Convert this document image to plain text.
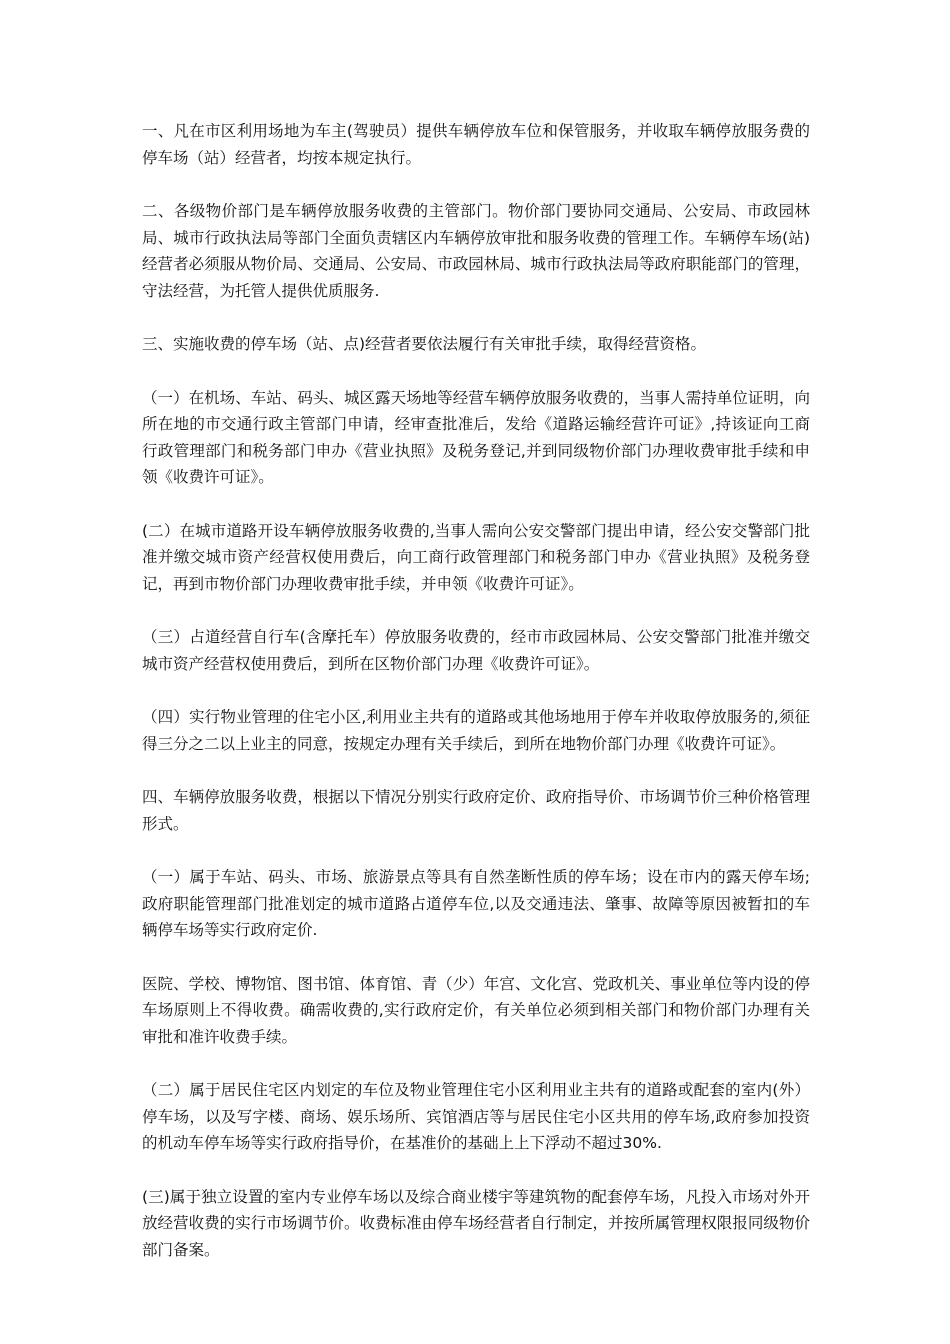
一、凡在市区利用场地为车主(驾驶员）提供车辆停放车位和保管服务，并收取车辆停放服务费的停车场（站）经营者，均按本规定执行。

二、各级物价部门是车辆停放服务收费的主管部门。物价部门要协同交通局、公安局、市政园林局、城市行政执法局等部门全面负责辖区内车辆停放审批和服务收费的管理工作。车辆停车场(站)经营者必须服从物价局、交通局、公安局、市政园林局、城市行政执法局等政府职能部门的管理，守法经营，为托管人提供优质服务.

三、实施收费的停车场（站、点)经营者要依法履行有关审批手续，取得经营资格。

（一）在机场、车站、码头、城区露天场地等经营车辆停放服务收费的，当事人需持单位证明，向所在地的市交通行政主管部门申请，经审查批准后，发给《道路运输经营许可证》,持该证向工商行政管理部门和税务部门申办《营业执照》及税务登记,并到同级物价部门办理收费审批手续和申领《收费许可证》。

(二）在城市道路开设车辆停放服务收费的,当事人需向公安交警部门提出申请，经公安交警部门批准并缴交城市资产经营权使用费后，向工商行政管理部门和税务部门申办《营业执照》及税务登记，再到市物价部门办理收费审批手续，并申领《收费许可证》。

（三）占道经营自行车(含摩托车）停放服务收费的，经市市政园林局、公安交警部门批准并缴交城市资产经营权使用费后，到所在区物价部门办理《收费许可证》。

（四）实行物业管理的住宅小区,利用业主共有的道路或其他场地用于停车并收取停放服务的,须征得三分之二以上业主的同意，按规定办理有关手续后，到所在地物价部门办理《收费许可证》。

四、车辆停放服务收费，根据以下情况分别实行政府定价、政府指导价、市场调节价三种价格管理形式。

（一）属于车站、码头、市场、旅游景点等具有自然垄断性质的停车场；设在市内的露天停车场;政府职能管理部门批准划定的城市道路占道停车位,以及交通违法、肇事、故障等原因被暂扣的车辆停车场等实行政府定价.

医院、学校、博物馆、图书馆、体育馆、青（少）年宫、文化宫、党政机关、事业单位等内设的停车场原则上不得收费。确需收费的,实行政府定价，有关单位必须到相关部门和物价部门办理有关审批和准许收费手续。

（二）属于居民住宅区内划定的车位及物业管理住宅小区利用业主共有的道路或配套的室内(外）停车场，以及写字楼、商场、娱乐场所、宾馆酒店等与居民住宅小区共用的停车场,政府参加投资的机动车停车场等实行政府指导价，在基准价的基础上上下浮动不超过30%.

(三)属于独立设置的室内专业停车场以及综合商业楼宇等建筑物的配套停车场，凡投入市场对外开放经营收费的实行市场调节价。收费标准由停车场经营者自行制定，并按所属管理权限报同级物价部门备案。
